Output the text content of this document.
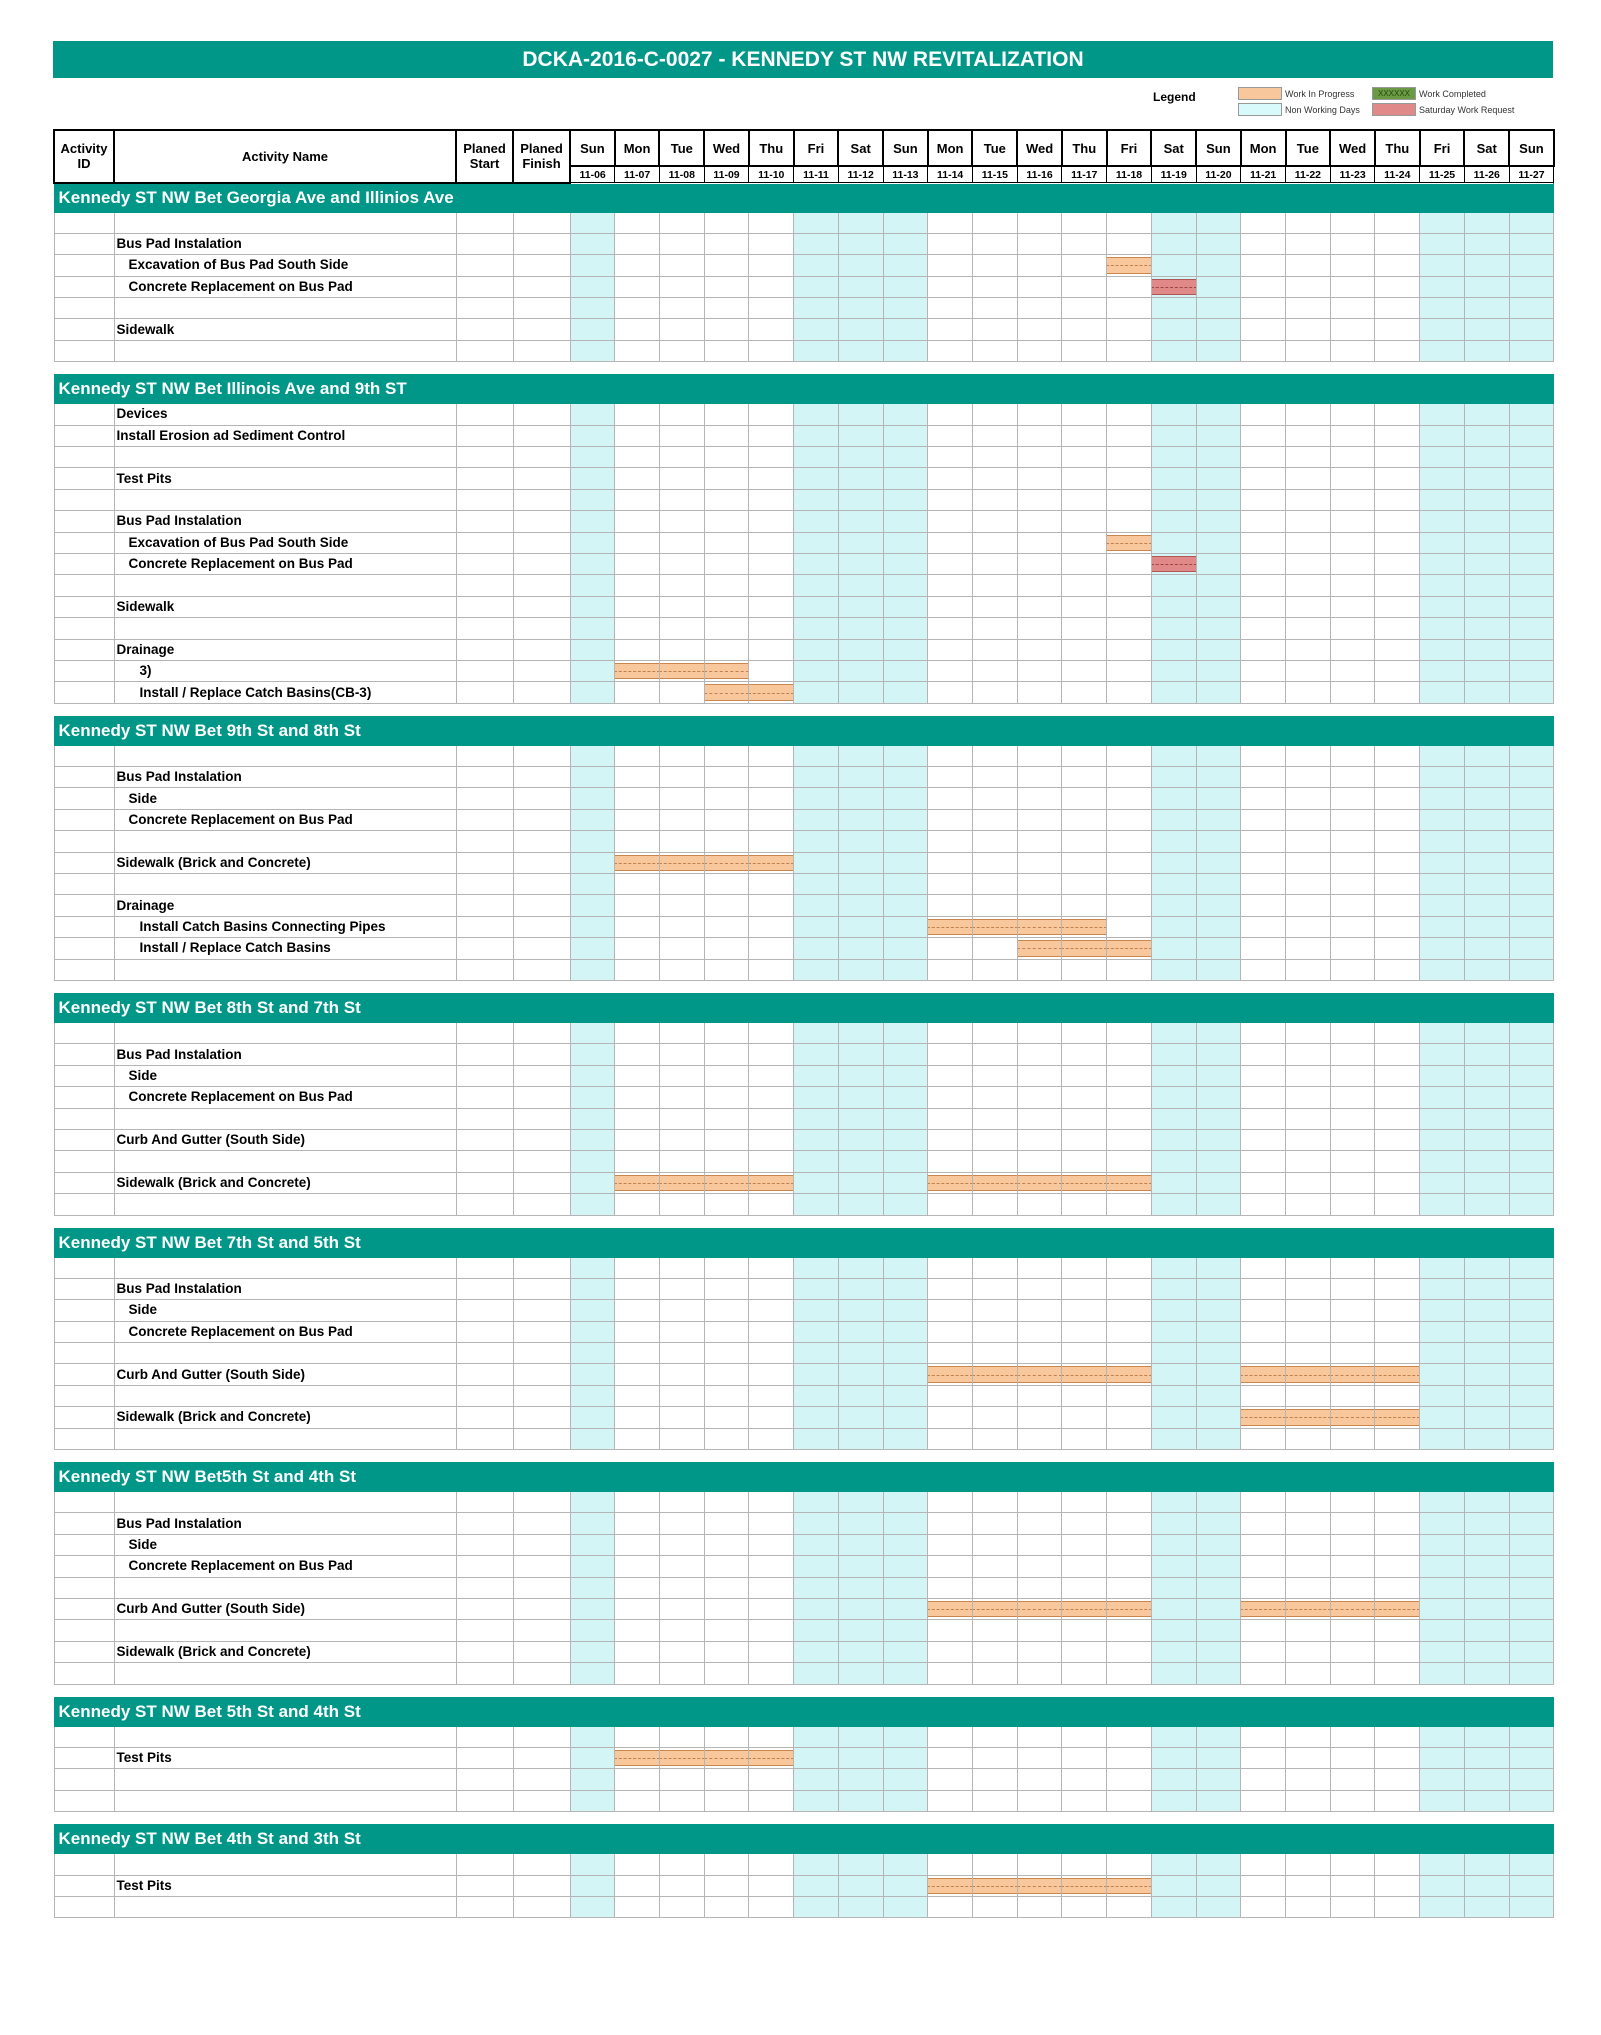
DCKA-2016-C-0027 - KENNEDY ST NW REVITALIZATION
Legend	Work In Progress	XXXXXX	Work Completed
Non Working Days	Saturday Work Request
Activity ID	Activity Name	Planed Start	Planed Finish	Sun	Mon	Tue	Wed	Thu	Fri	Sat	Sun	Mon	Tue	Wed	Thu	Fri	Sat	Sun	Mon	Tue	Wed	Thu	Fri	Sat	Sun
				11-06	11-07	11-08	11-09	11-10	11-11	11-12	11-13	11-14	11-15	11-16	11-17	11-18	11-19	11-20	11-21	11-22	11-23	11-24	11-25	11-26	11-27
Kennedy ST NW Bet Georgia Ave and Illinios Ave																									

	Bus Pad Instalation																								
	Excavation of Bus Pad South Side															

	Concrete Replacement on Bus Pad																

	Sidewalk																								

Kennedy ST NW Bet Illinois Ave and 9th ST																									
	Devices																								
	Install Erosion ad Sediment Control																								

	Test Pits																								

	Bus Pad Instalation																								
	Excavation of Bus Pad South Side															

	Concrete Replacement on Bus Pad																

	Sidewalk																								

	Drainage																								
	3)				

	Install / Replace Catch Basins(CB-3)						

Kennedy ST NW Bet 9th St and 8th St																									

	Bus Pad Instalation																								
	Side																								
	Concrete Replacement on Bus Pad																								

	Sidewalk (Brick and Concrete)				

	Drainage																								
	Install Catch Basins Connecting Pipes											

	Install / Replace Catch Basins													

Kennedy ST NW Bet 8th St and 7th St																									

	Bus Pad Instalation																								
	Side																								
	Concrete Replacement on Bus Pad																								

	Curb And Gutter (South Side)																								

	Sidewalk (Brick and Concrete)				

Kennedy ST NW Bet 7th St and 5th St																									

	Bus Pad Instalation																								
	Side																								
	Concrete Replacement on Bus Pad																								

	Curb And Gutter (South Side)											

	Sidewalk (Brick and Concrete)																		

Kennedy ST NW Bet5th St and 4th St																									

	Bus Pad Instalation																								
	Side																								
	Concrete Replacement on Bus Pad																								

	Curb And Gutter (South Side)											

	Sidewalk (Brick and Concrete)																								

Kennedy ST NW Bet 5th St and 4th St																									

	Test Pits				

Kennedy ST NW Bet 4th St and 3th St																									

	Test Pits											
